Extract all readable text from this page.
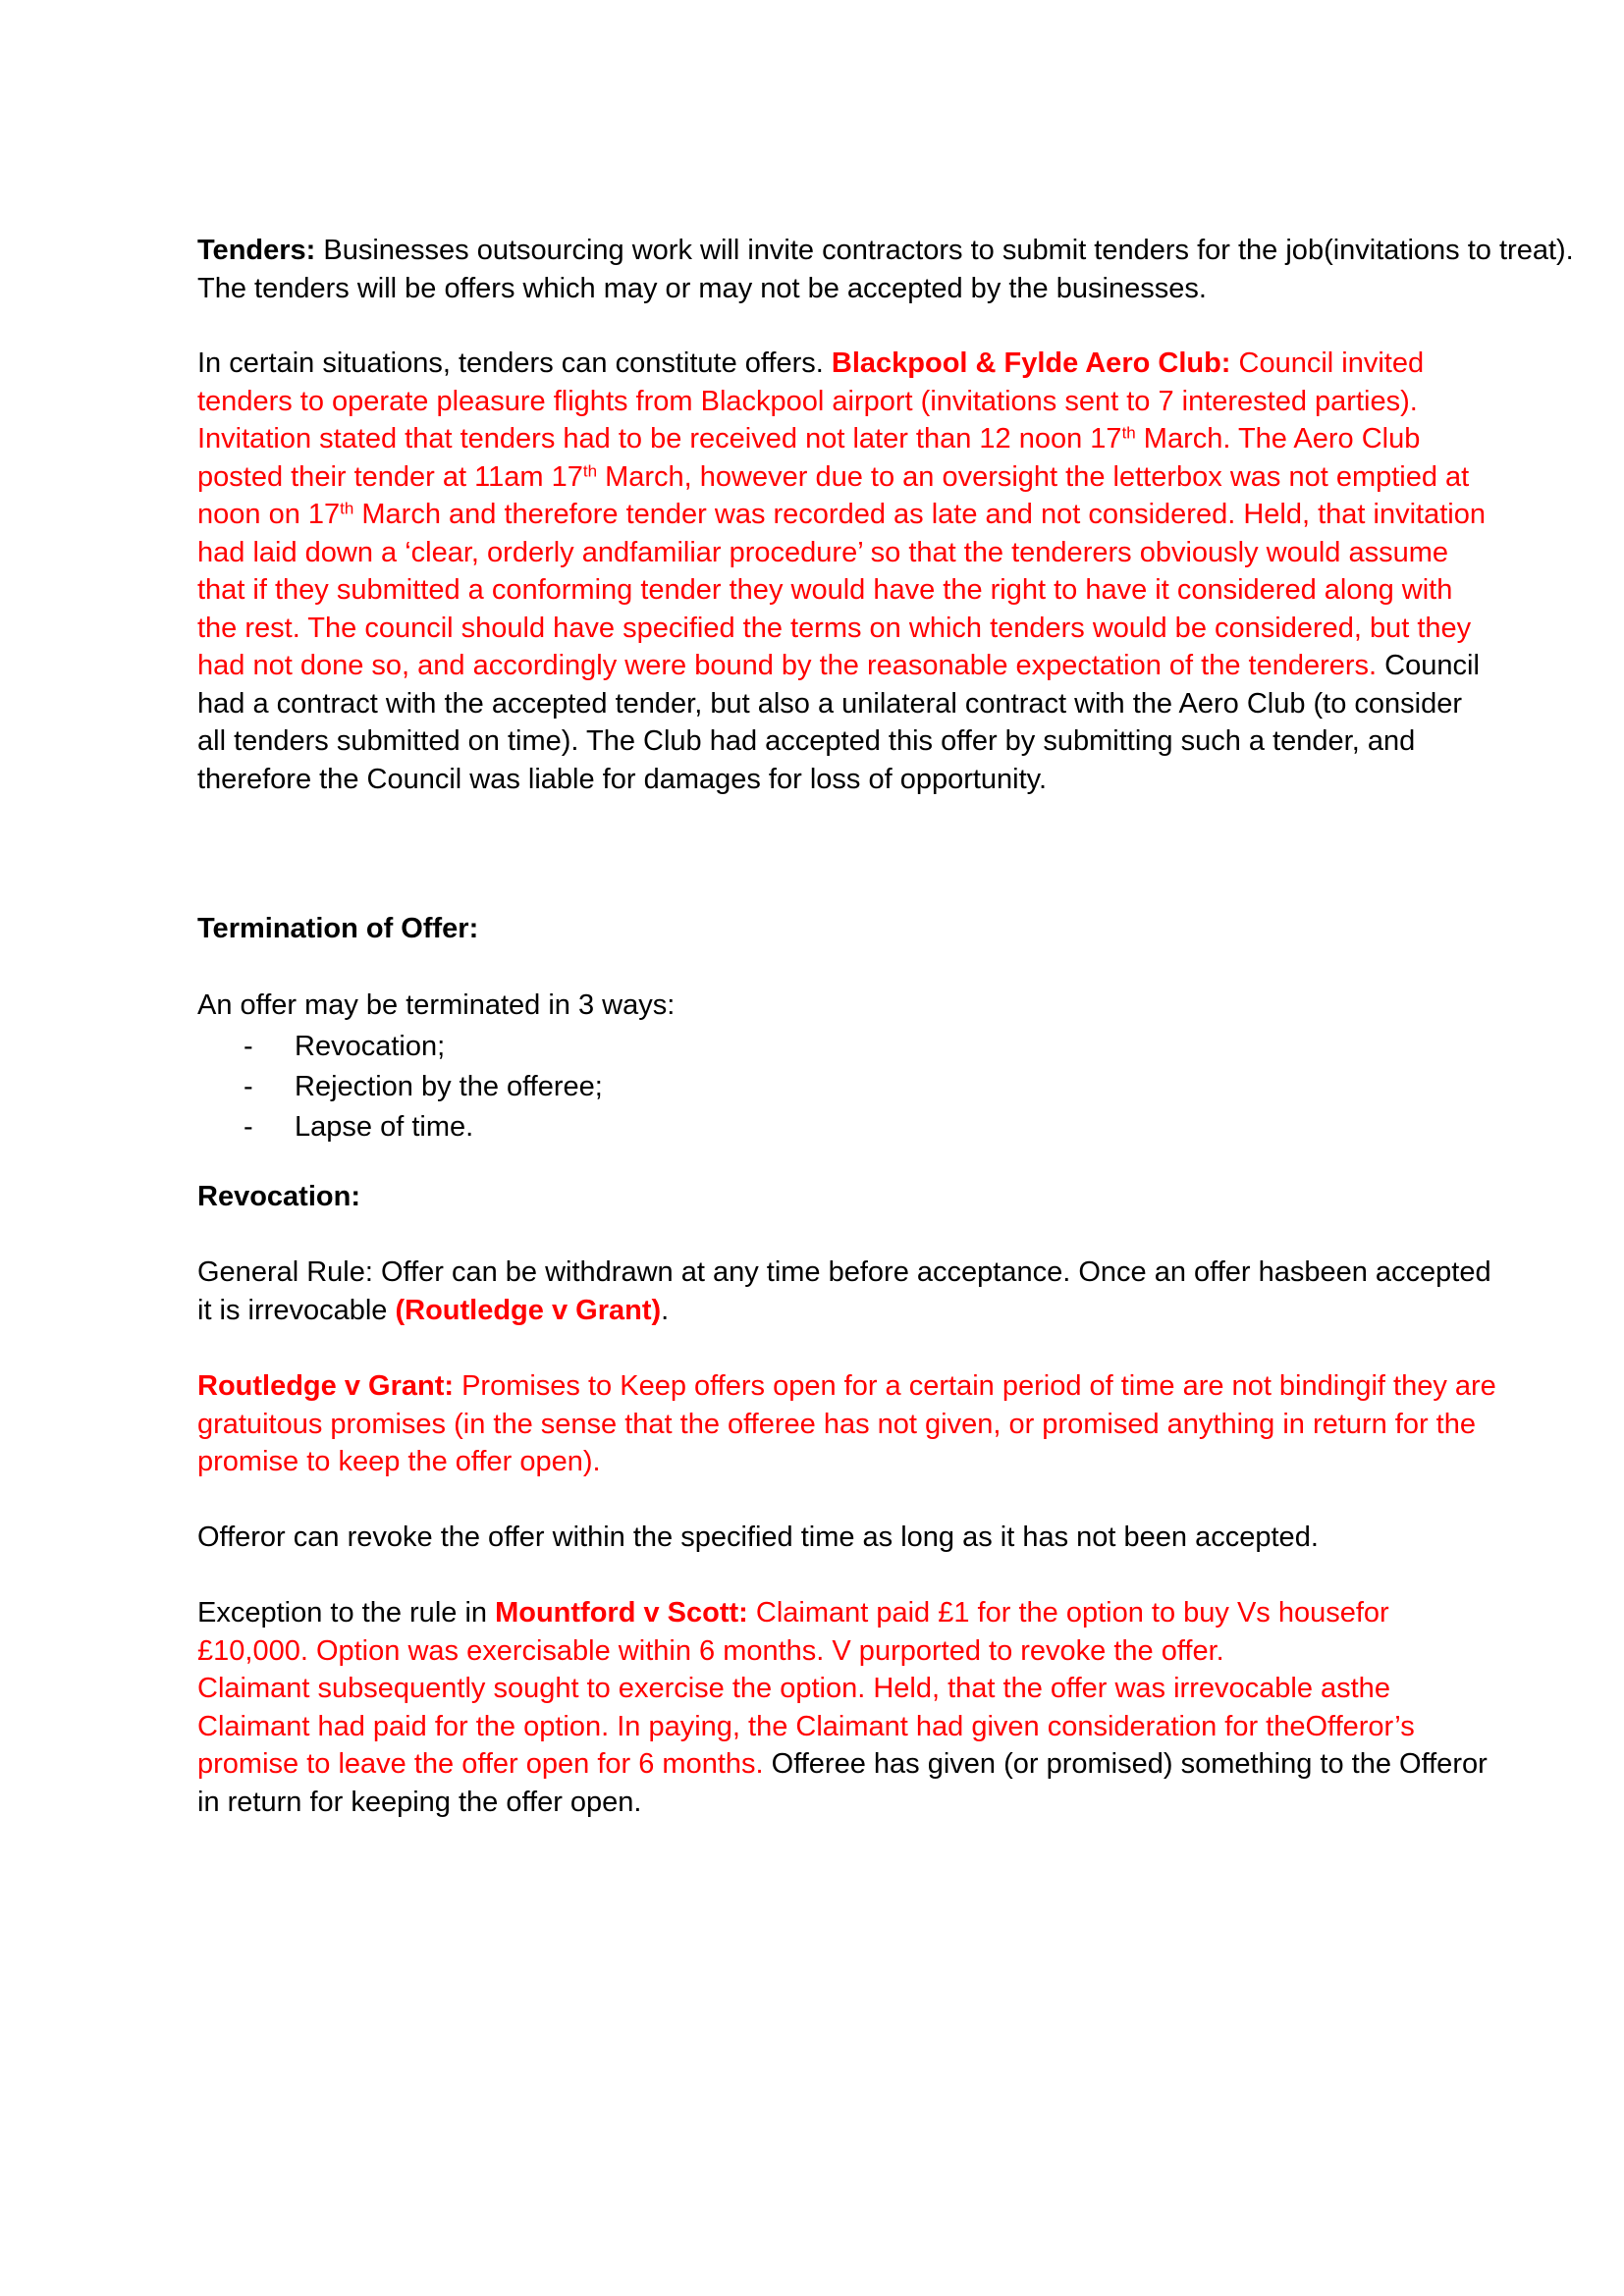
Tenders: Businesses outsourcing work will invite contractors to submit tenders for the job(invitations to treat).
The tenders will be offers which may or may not be accepted by the businesses.

In certain situations, tenders can constitute offers. Blackpool & Fylde Aero Club: Council invited
tenders to operate pleasure flights from Blackpool airport (invitations sent to 7 interested parties).
Invitation stated that tenders had to be received not later than 12 noon 17th March. The Aero Club
posted their tender at 11am 17th March, however due to an oversight the letterbox was not emptied at
noon on 17th March and therefore tender was recorded as late and not considered. Held, that invitation
had laid down a ‘clear, orderly andfamiliar procedure’ so that the tenderers obviously would assume
that if they submitted a conforming tender they would have the right to have it considered along with
the rest. The council should have specified the terms on which tenders would be considered, but they
had not done so, and accordingly were bound by the reasonable expectation of the tenderers. Council
had a contract with the accepted tender, but also a unilateral contract with the Aero Club (to consider
all tenders submitted on time). The Club had accepted this offer by submitting such a tender, and
therefore the Council was liable for damages for loss of opportunity.

Termination of Offer:

An offer may be terminated in 3 ways:

- Revocation;
- Rejection by the offeree;
- Lapse of time.

Revocation:

General Rule: Offer can be withdrawn at any time before acceptance. Once an offer hasbeen accepted
it is irrevocable (Routledge v Grant).

Routledge v Grant: Promises to Keep offers open for a certain period of time are not bindingif they are
gratuitous promises (in the sense that the offeree has not given, or promised anything in return for the
promise to keep the offer open).

Offeror can revoke the offer within the specified time as long as it has not been accepted.

Exception to the rule in Mountford v Scott: Claimant paid £1 for the option to buy Vs housefor
£10,000. Option was exercisable within 6 months. V purported to revoke the offer.
Claimant subsequently sought to exercise the option. Held, that the offer was irrevocable asthe
Claimant had paid for the option. In paying, the Claimant had given consideration for theOfferor’s
promise to leave the offer open for 6 months. Offeree has given (or promised) something to the Offeror
in return for keeping the offer open.
